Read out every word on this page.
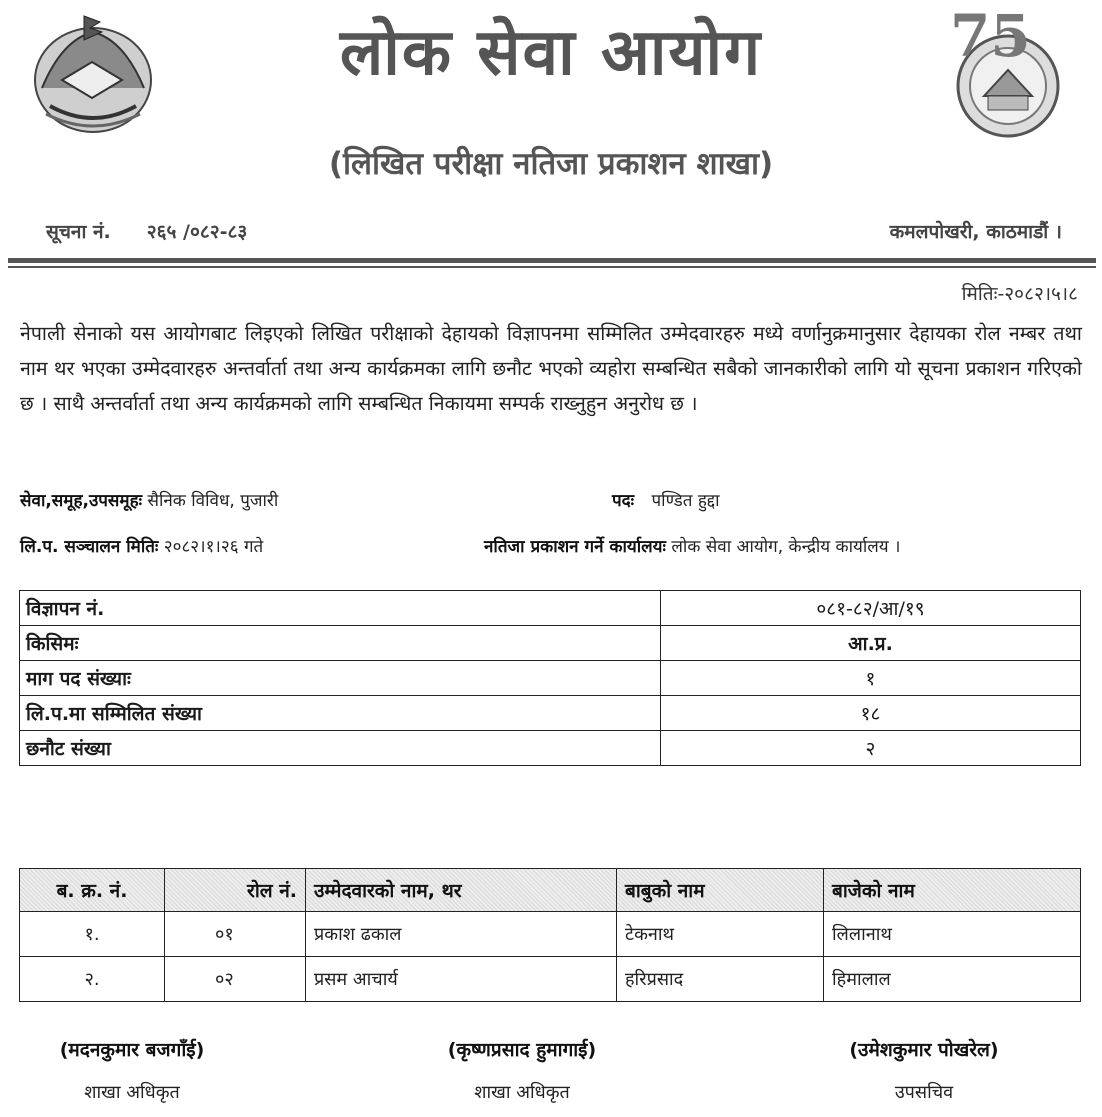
75
लोक सेवा आयोग
(लिखित परीक्षा नतिजा प्रकाशन शाखा)
सूचना नं. २६५ /०८२-८३	कमलपोखरी, काठमाडौं ।
मितिः-२०८२।५।८
नेपाली सेनाको यस आयोगबाट लिइएको लिखित परीक्षाको देहायको विज्ञापनमा सम्मिलित उम्मेदवारहरु मध्ये वर्णानुक्रमानुसार देहायका रोल नम्बर तथा नाम थर भएका उम्मेदवारहरु अन्तर्वार्ता तथा अन्य कार्यक्रमका लागि छनौट भएको व्यहोरा सम्बन्धित सबैको जानकारीको लागि यो सूचना प्रकाशन गरिएको छ । साथै अन्तर्वार्ता तथा अन्य कार्यक्रमको लागि सम्बन्धित निकायमा सम्पर्क राख्नुहुन अनुरोध छ ।
सेवा,समूह,उपसमूहः सैनिक विविध, पुजारी	पदः पण्डित हुद्दा
लि.प. सञ्चालन मितिः २०८२।१।२६ गते	नतिजा प्रकाशन गर्ने कार्यालयः लोक सेवा आयोग, केन्द्रीय कार्यालय ।
विज्ञापन नं.	०८१-८२/आ/१९
किसिमः	आ.प्र.
माग पद संख्याः	१
लि.प.मा सम्मिलित संख्या	१८
छनौट संख्या	२
ब. क्र. नं.	रोल नं.	उम्मेदवारको नाम, थर	बाबुको नाम	बाजेको नाम
१.	०१	प्रकाश ढकाल	टेकनाथ	लिलानाथ
२.	०२	प्रसम आचार्य	हरिप्रसाद	हिमालाल
(मदनकुमार बजगाँई)
शाखा अधिकृत
(कृष्णप्रसाद हुमागाई)
शाखा अधिकृत
(उमेशकुमार पोखरेल)
उपसचिव
